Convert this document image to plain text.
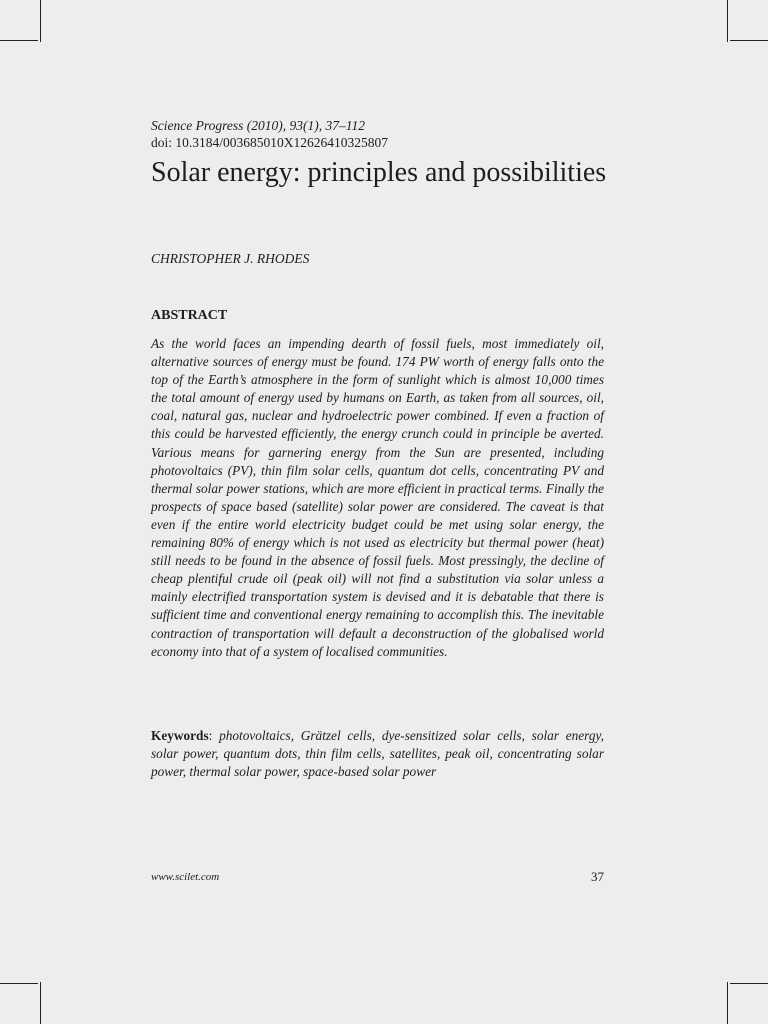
Science Progress (2010), 93(1), 37–112
doi: 10.3184/003685010X12626410325807
Solar energy: principles and possibilities
CHRISTOPHER J. RHODES
ABSTRACT

As the world faces an impending dearth of fossil fuels, most immediately oil, alternative sources of energy must be found. 174 PW worth of energy falls onto the top of the Earth’s atmosphere in the form of sunlight which is almost 10,000 times the total amount of energy used by humans on Earth, as taken from all sources, oil, coal, natural gas, nuclear and hydroelectric power combined. If even a fraction of this could be harvested efficiently, the energy crunch could in principle be averted. Various means for garnering energy from the Sun are presented, including photovoltaics (PV), thin film solar cells, quantum dot cells, concentrating PV and thermal solar power stations, which are more efficient in practical terms. Finally the prospects of space based (satellite) solar power are considered. The caveat is that even if the entire world electricity budget could be met using solar energy, the remaining 80% of energy which is not used as electricity but thermal power (heat) still needs to be found in the absence of fossil fuels. Most pressingly, the decline of cheap plentiful crude oil (peak oil) will not find a substitution via solar unless a mainly electrified transportation system is devised and it is debatable that there is sufficient time and conventional energy remaining to accomplish this. The inevitable contraction of transportation will default a deconstruction of the globalised world economy into that of a system of localised communities.

Keywords: photovoltaics, Grätzel cells, dye-sensitized solar cells, solar energy, solar power, quantum dots, thin film cells, satellites, peak oil, concentrating solar power, thermal solar power, space-based solar power

www.scilet.com	37
